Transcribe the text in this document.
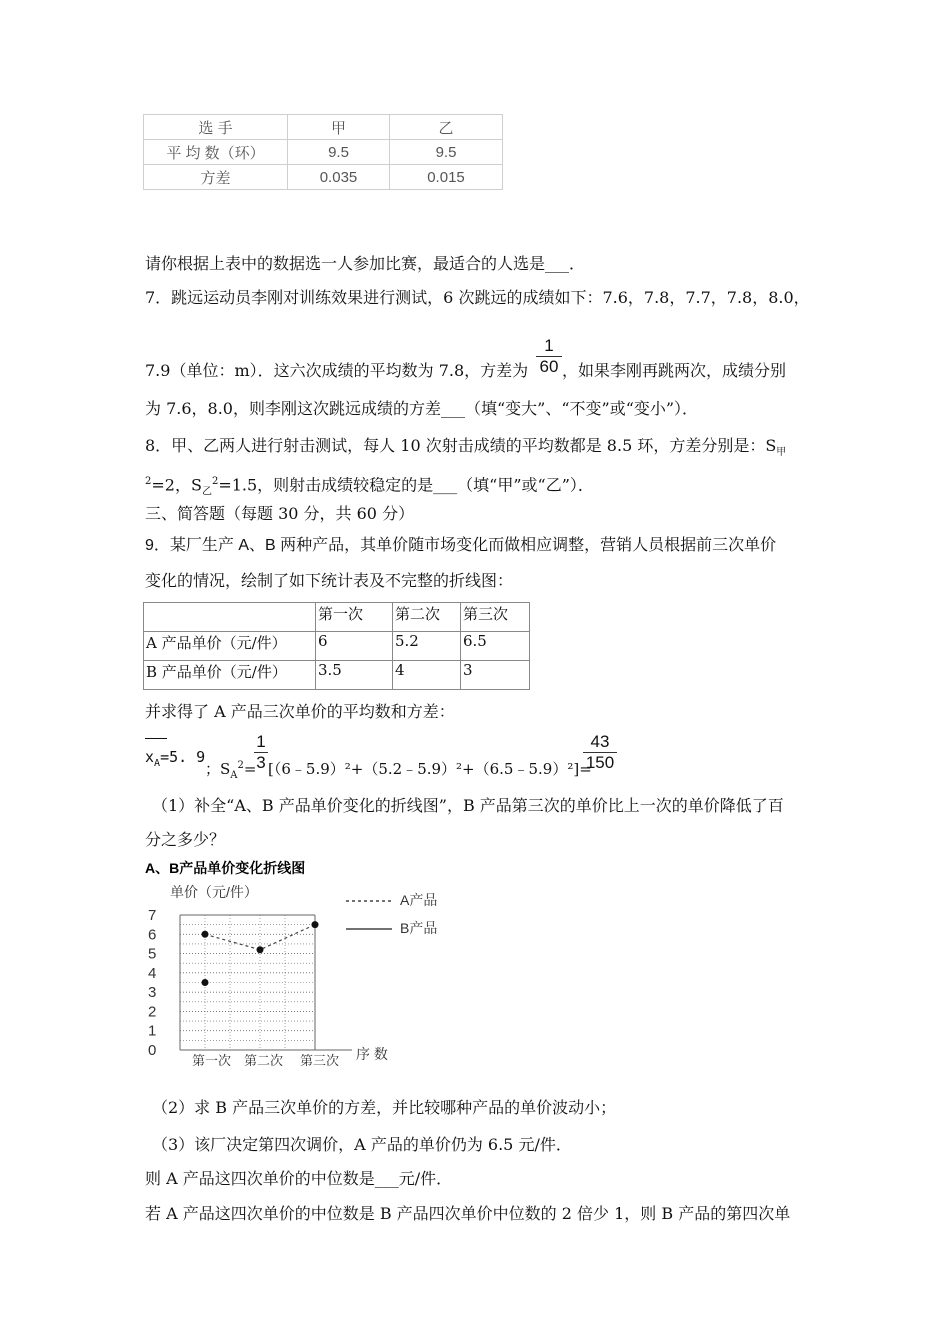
选 手	甲	乙
平 均 数（环）	9.5	9.5
方差	0.035	0.015
请你根据上表中的数据选一人参加比赛，最适合的人选是___．
7．跳远运动员李刚对训练效果进行测试，6 次跳远的成绩如下：7.6，7.8，7.7，7.8，8.0，
$\frac{1}{60}$
7.9（单位：m）．这六次成绩的平均数为 7.8，方差为 ，如果李刚再跳两次，成绩分别
为 7.6，8.0，则李刚这次跳远成绩的方差___（填“变大”、“不变”或“变小”）．
8．甲、乙两人进行射击测试，每人 10 次射击成绩的平均数都是 8.5 环，方差分别是：$S_甲$
$^2$=2，$S_乙^2=1.5$，则射击成绩较稳定的是___（填“甲”或“乙”）．
三、简答题（每题 30 分，共 60 分）
9．某厂生产 A、B 两种产品，其单价随市场变化而做相应调整，营销人员根据前三次单价
变化的情况，绘制了如下统计表及不完整的折线图：
	第一次	第二次	第三次
A 产品单价（元/件）	6	5.2	6.5
B 产品单价（元/件）	3.5	4	3
并求得了 A 产品三次单价的平均数和方差：
$x_A=5$. 9
；$S_A^2=$
$\frac{1}{3}$ [（6﹣5.9）²+（5.2﹣5.9）²+（6.5﹣5.9）²]=
$\frac{43}{150}$
（1）补全“A、B 产品单价变化的折线图”，B 产品第三次的单价比上一次的单价降低了百
分之多少？
A、B产品单价变化折线图
单价（元/件）
0
1
2
3
4
5
6
7
第一次 第二次 第三次 序 数
A产品
B产品
（2）求 B 产品三次单价的方差，并比较哪种产品的单价波动小；
（3）该厂决定第四次调价，A 产品的单价仍为 6.5 元/件．
则 A 产品这四次单价的中位数是___元/件．
若 A 产品这四次单价的中位数是 B 产品四次单价中位数的 2 倍少 1，则 B 产品的第四次单
